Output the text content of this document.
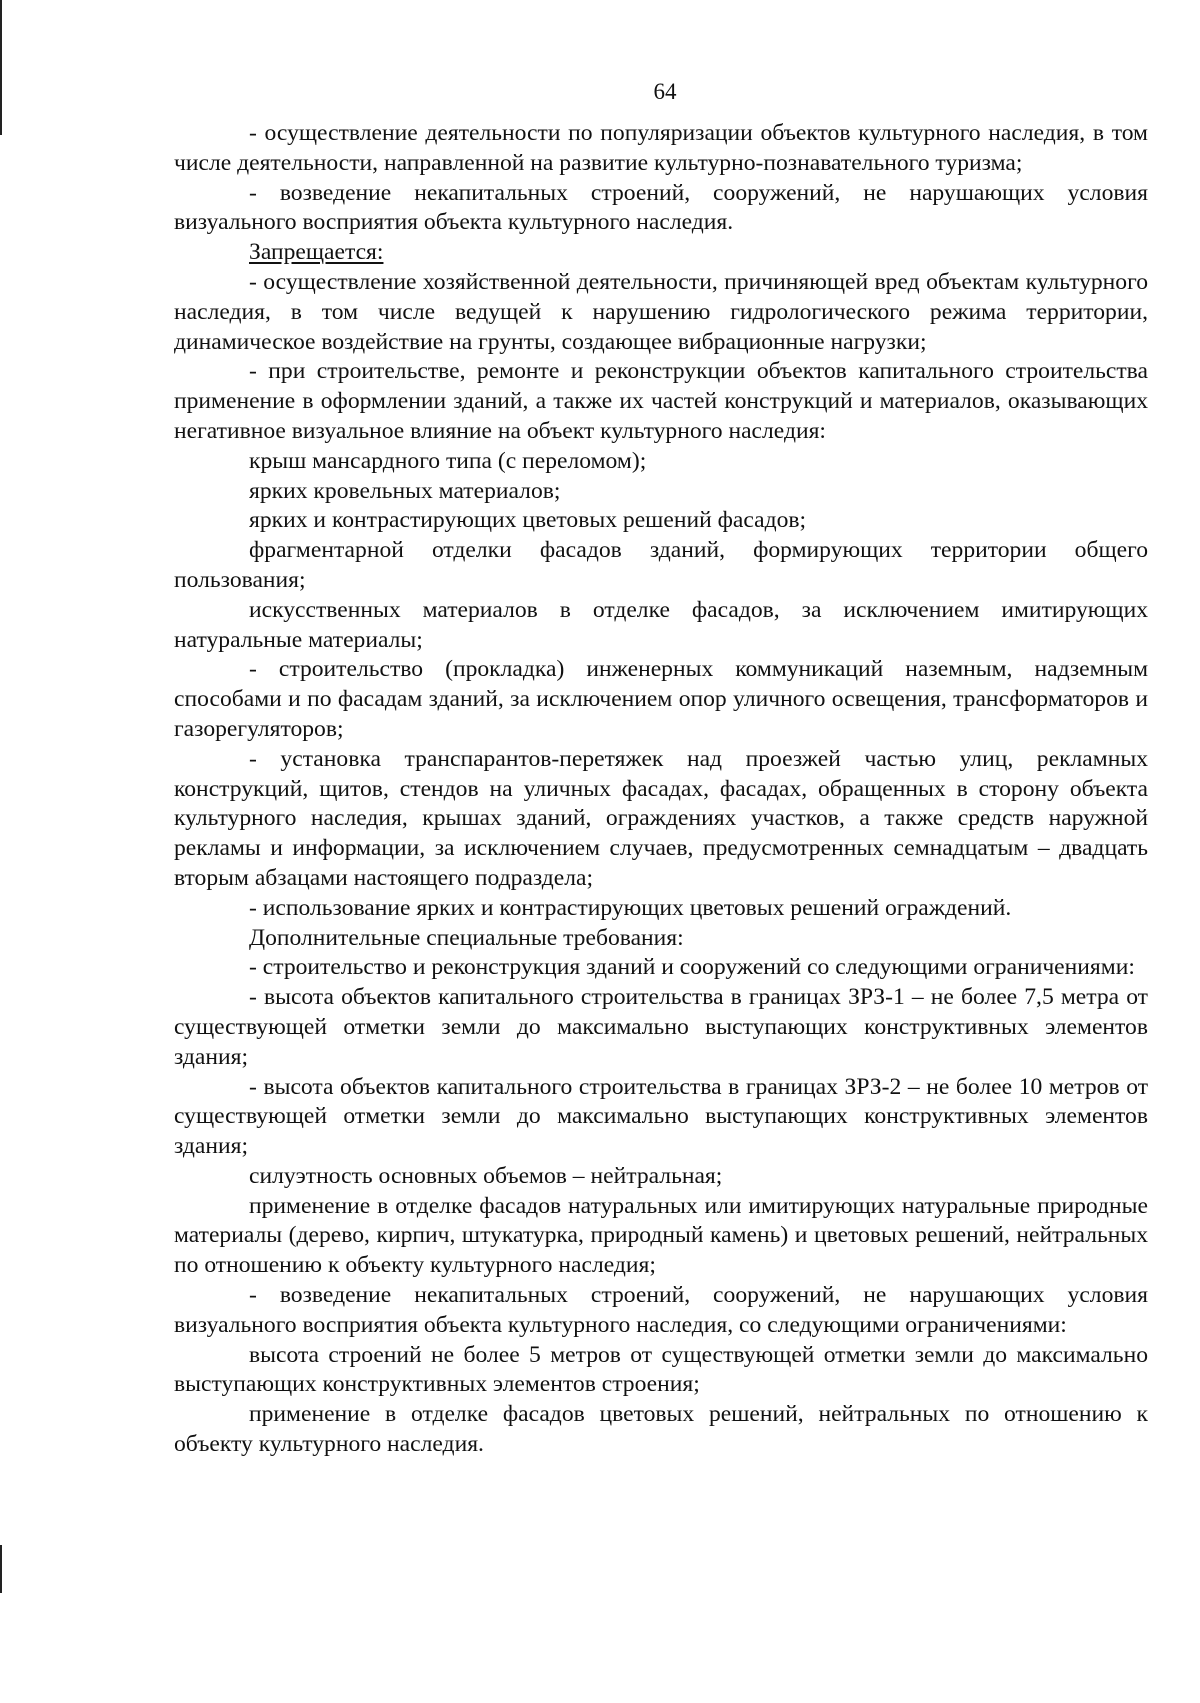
64

- осуществление деятельности по популяризации объектов культурного наследия, в том числе деятельности, направленной на развитие культурно-познавательного туризма;

- возведение некапитальных строений, сооружений, не нарушающих условия визуального восприятия объекта культурного наследия.

Запрещается:

- осуществление хозяйственной деятельности, причиняющей вред объектам культурного наследия, в том числе ведущей к нарушению гидрологического режима территории, динамическое воздействие на грунты, создающее вибрационные нагрузки;

- при строительстве, ремонте и реконструкции объектов капитального строительства применение в оформлении зданий, а также их частей конструкций и материалов, оказывающих негативное визуальное влияние на объект культурного наследия:

крыш мансардного типа (с переломом);

ярких кровельных материалов;

ярких и контрастирующих цветовых решений фасадов;

фрагментарной отделки фасадов зданий, формирующих территории общего пользования;

искусственных материалов в отделке фасадов, за исключением имитирующих натуральные материалы;

- строительство (прокладка) инженерных коммуникаций наземным, надземным способами и по фасадам зданий, за исключением опор уличного освещения, трансформаторов и газорегуляторов;

- установка транспарантов-перетяжек над проезжей частью улиц, рекламных конструкций, щитов, стендов на уличных фасадах, фасадах, обращенных в сторону объекта культурного наследия, крышах зданий, ограждениях участков, а также средств наружной рекламы и информации, за исключением случаев, предусмотренных семнадцатым – двадцать вторым абзацами настоящего подраздела;

- использование ярких и контрастирующих цветовых решений ограждений.

Дополнительные специальные требования:

- строительство и реконструкция зданий и сооружений со следующими ограничениями:

- высота объектов капитального строительства в границах ЗРЗ-1 – не более 7,5 метра от существующей отметки земли до максимально выступающих конструктивных элементов здания;

- высота объектов капитального строительства в границах ЗРЗ-2 – не более 10 метров от существующей отметки земли до максимально выступающих конструктивных элементов здания;

силуэтность основных объемов – нейтральная;

применение в отделке фасадов натуральных или имитирующих натуральные природные материалы (дерево, кирпич, штукатурка, природный камень) и цветовых решений, нейтральных по отношению к объекту культурного наследия;

- возведение некапитальных строений, сооружений, не нарушающих условия визуального восприятия объекта культурного наследия, со следующими ограничениями:

высота строений не более 5 метров от существующей отметки земли до максимально выступающих конструктивных элементов строения;

применение в отделке фасадов цветовых решений, нейтральных по отношению к объекту культурного наследия.
